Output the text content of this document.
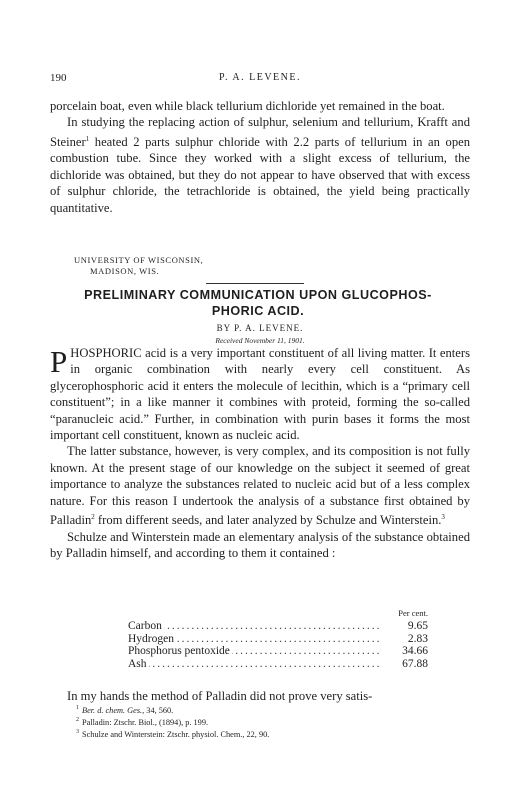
190	P. A. LEVENE.

porcelain boat, even while black tellurium dichloride yet remained in the boat.

In studying the replacing action of sulphur, selenium and tellurium, Krafft and Steiner$^1$ heated 2 parts sulphur chloride with 2.2 parts of tellurium in an open combustion tube. Since they worked with a slight excess of tellurium, the dichloride was obtained, but they do not appear to have observed that with excess of sulphur chloride, the tetrachloride is obtained, the yield being practically quantitative.

UNIVERSITY OF WISCONSIN,
MADISON, WIS.
PRELIMINARY COMMUNICATION UPON GLUCOPHOS-
PHORIC ACID.
BY P. A. LEVENE.
Received November 11, 1901.

PHOSPHORIC acid is a very important constituent of all living matter. It enters in organic combination with nearly every cell constituent. As glycerophosphoric acid it enters the molecule of lecithin, which is a “primary cell constituent”; in a like manner it combines with proteid, forming the so-called “paranucleic acid.” Further, in combination with purin bases it forms the most important cell constituent, known as nucleic acid.

The latter substance, however, is very complex, and its composition is not fully known. At the present stage of our knowledge on the subject it seemed of great importance to analyze the substances related to nucleic acid but of a less complex nature. For this reason I undertook the analysis of a substance first obtained by Palladin$^2$ from different seeds, and later analyzed by Schulze and Winterstein.$^3$

Schulze and Winterstein made an elementary analysis of the substance obtained by Palladin himself, and according to them it contained :

Per cent.
Carbon .....	9.65
Hydrogen .....	2.83
Phosphorus pentoxide .....	34.66
Ash .....	67.88

In my hands the method of Palladin did not prove very satis-

$^1$ Ber. d. chem. Ges., 34, 560.
$^2$ Palladin: Ztschr. Biol., (1894), p. 199.
$^3$ Schulze and Winterstein: Ztschr. physiol. Chem., 22, 90.
